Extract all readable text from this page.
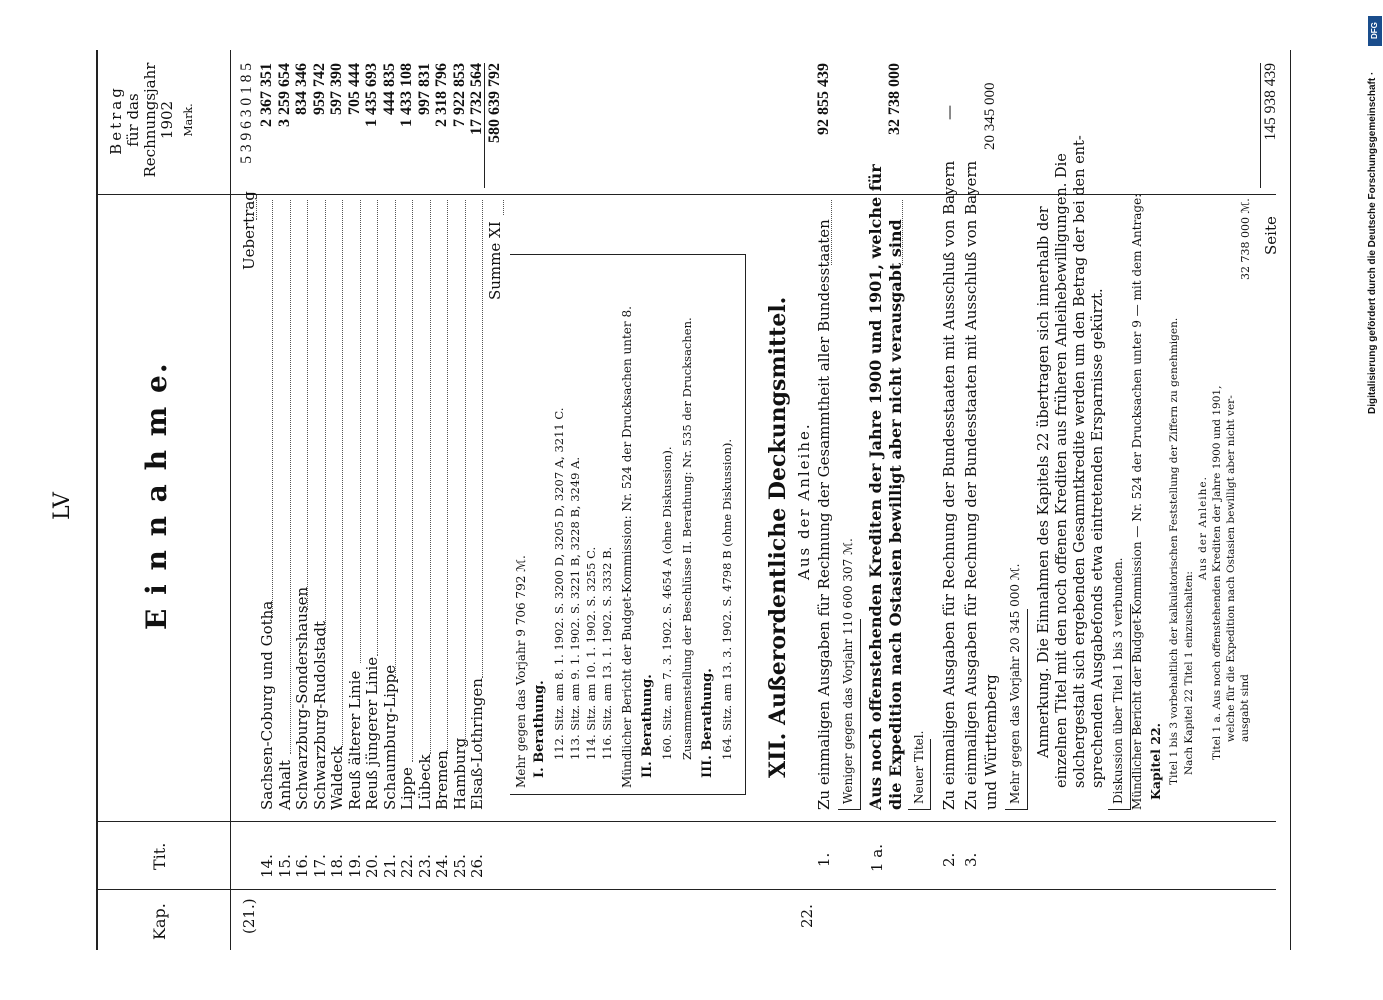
DFG
Digitalisierung gefördert durch die Deutsche Forschungsgemeinschaft ·
LV
Kap.
Tit.
E i n n a h m e.
Betrag für das Rechnungsjahr 1902 Mark.
(21.)
Uebertrag
5 3 9 6 3 0 1 8 5
14.
Sachsen-Coburg und Gotha
2 367 351
15.
Anhalt
3 259 654
16.
Schwarzburg-Sondershausen
834 346
17.
Schwarzburg-Rudolstadt
959 742
18.
Waldeck
597 390
19.
Reuß älterer Linie
705 444
20.
Reuß jüngerer Linie
1 435 693
21.
Schaumburg-Lippe
444 835
22.
Lippe
1 433 108
23.
Lübeck
997 831
24.
Bremen
2 318 796
25.
Hamburg
7 922 853
26.
Elsaß-Lothringen
17 732 564
Summe XI
580 639 792
Mehr gegen das Vorjahr 9 706 792 ℳ. I. Berathung. 112. Sitz. am 8. 1. 1902. S. 3200 D, 3205 D, 3207 A, 3211 C. 113. Sitz. am 9. 1. 1902. S. 3221 B, 3228 B, 3249 A. 114. Sitz. am 10. 1. 1902. S. 3255 C. 116. Sitz. am 13. 1. 1902. S. 3332 B. Mündlicher Bericht der Budget-Kommission: Nr. 524 der Drucksachen unter 8. II. Berathung. 160. Sitz. am 7. 3. 1902. S. 4654 A (ohne Diskussion). Zusammenstellung der Beschlüsse II. Berathung: Nr. 535 der Drucksachen. III. Berathung. 164. Sitz. am 13. 3. 1902. S. 4798 B (ohne Diskussion). XII. Außerordentliche Deckungsmittel.
22.
Aus der Anleihe.
1.
Zu einmaligen Ausgaben für Rechnung der Gesammtheit aller Bundesstaaten
92 855 439
Weniger gegen das Vorjahr 110 600 307 ℳ.
1 a.
Aus noch offenstehenden Krediten der Jahre 1900 und 1901, welche für die Expedition nach Ostasien bewilligt aber nicht verausgabt sind
32 738 000
Neuer Titel.
2.
Zu einmaligen Ausgaben für Rechnung der Bundesstaaten mit Ausschluß von Bayern
—
3.
Zu einmaligen Ausgaben für Rechnung der Bundesstaaten mit Ausschluß von Bayern und Württemberg
20 345 000
Mehr gegen das Vorjahr 20 345 000 ℳ. Anmerkung. Die Einnahmen des Kapitels 22 übertragen sich innerhalb der einzelnen Titel mit den noch offenen Krediten aus früheren Anleihebewilligungen. Die solchergestalt sich ergebenden Gesammtkredite werden um den Betrag der bei den ent- sprechenden Ausgabefonds etwa eintretenden Ersparnisse gekürzt. Diskussion über Titel 1 bis 3 verbunden. Mündlicher Bericht der Budget-Kommission — Nr. 524 der Drucksachen unter 9 — mit dem Antrage: Kapitel 22. Titel 1 bis 3 vorbehaltlich der kalkulatorischen Feststellung der Ziffern zu genehmigen. Nach Kapitel 22 Titel 1 einzuschalten:
Aus der Anleihe. Titel 1 a. Aus noch offenstehenden Krediten der Jahre 1900 und 1901, welche für die Expedition nach Ostasien bewilligt aber nicht ver- ausgabt sind
32 738 000 ℳ. Seite
145 938 439
